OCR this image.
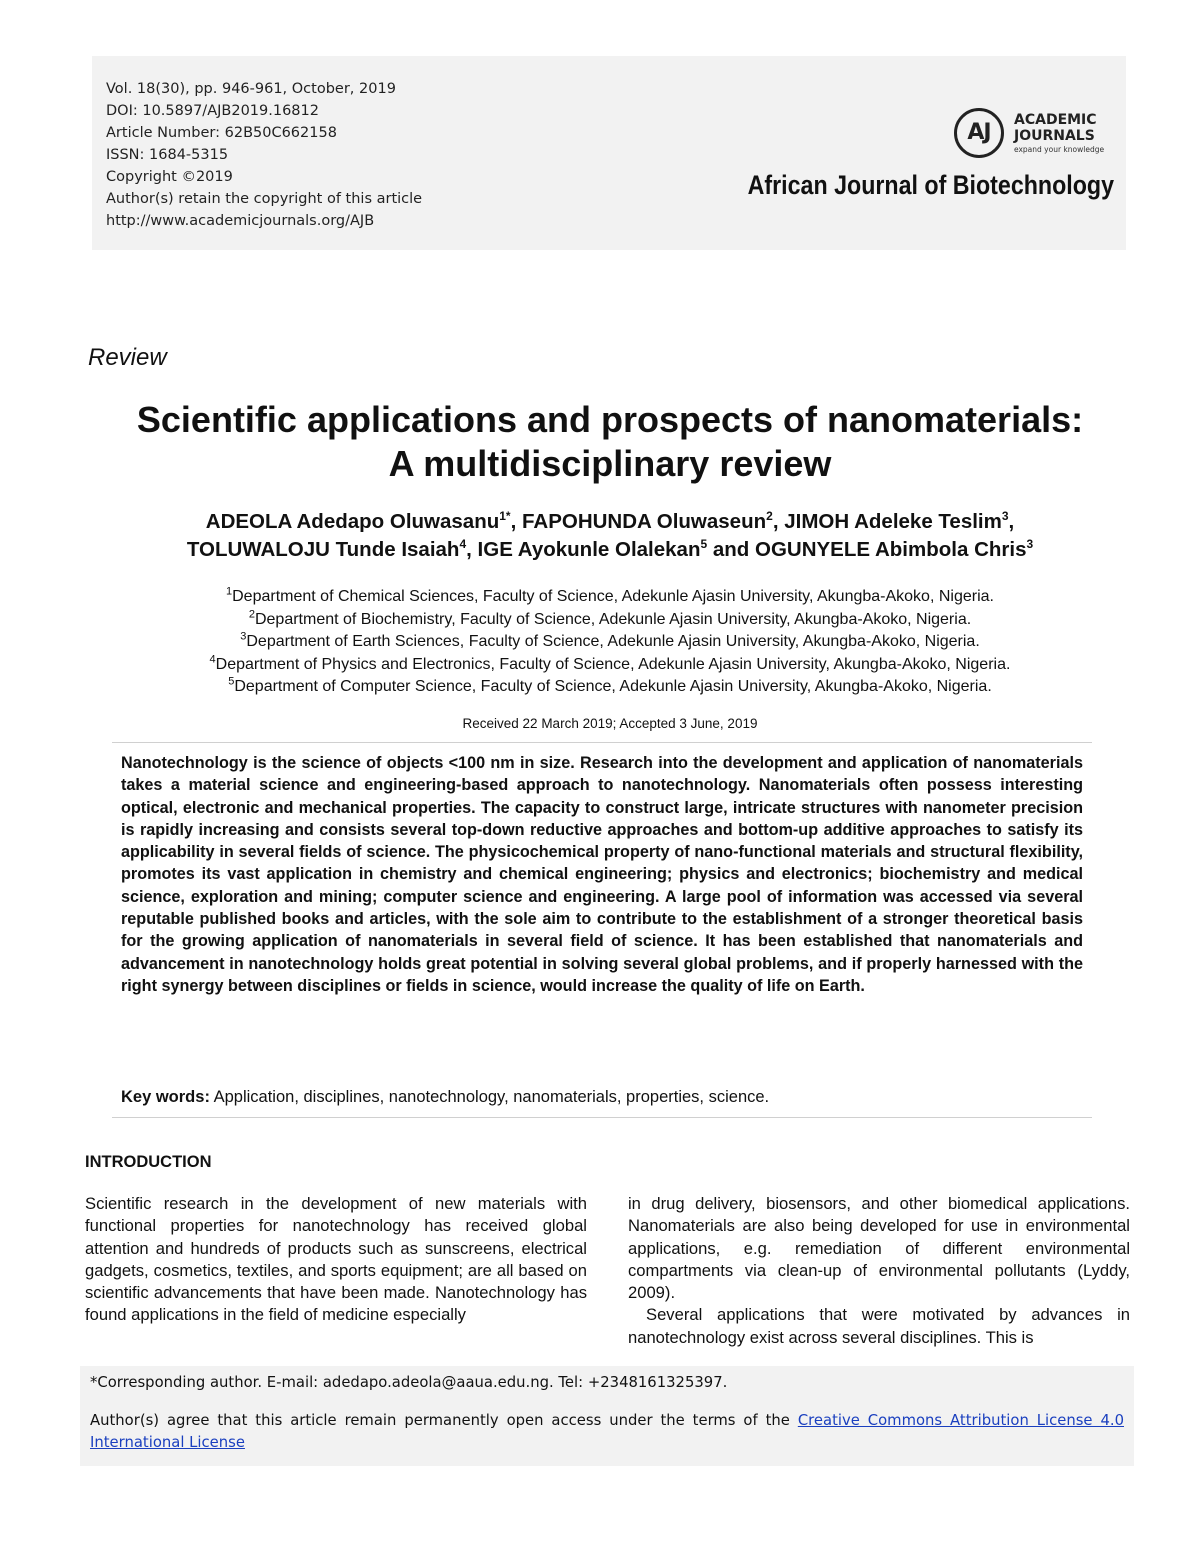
Vol. 18(30), pp. 946-961, October, 2019
DOI: 10.5897/AJB2019.16812
Article Number: 62B50C662158
ISSN: 1684-5315
Copyright ©2019
Author(s) retain the copyright of this article
http://www.academicjournals.org/AJB
AJ	ACADEMIC
JOURNALS
expand your knowledge
African Journal of Biotechnology
Review
Scientific applications and prospects of nanomaterials:
A multidisciplinary review
ADEOLA Adedapo Oluwasanu$^{1*}$, FAPOHUNDA Oluwaseun$^2$, JIMOH Adeleke Teslim$^3$,
TOLUWALOJU Tunde Isaiah$^4$, IGE Ayokunle Olalekan$^5$ and OGUNYELE Abimbola Chris$^3$
$^1$Department of Chemical Sciences, Faculty of Science, Adekunle Ajasin University, Akungba-Akoko, Nigeria.
$^2$Department of Biochemistry, Faculty of Science, Adekunle Ajasin University, Akungba-Akoko, Nigeria.
$^3$Department of Earth Sciences, Faculty of Science, Adekunle Ajasin University, Akungba-Akoko, Nigeria.
$^4$Department of Physics and Electronics, Faculty of Science, Adekunle Ajasin University, Akungba-Akoko, Nigeria.
$^5$Department of Computer Science, Faculty of Science, Adekunle Ajasin University, Akungba-Akoko, Nigeria.
Received 22 March 2019; Accepted 3 June, 2019

Nanotechnology is the science of objects <100 nm in size. Research into the development and application of nanomaterials takes a material science and engineering-based approach to nanotechnology. Nanomaterials often possess interesting optical, electronic and mechanical properties. The capacity to construct large, intricate structures with nanometer precision is rapidly increasing and consists several top-down reductive approaches and bottom-up additive approaches to satisfy its applicability in several fields of science. The physicochemical property of nano-functional materials and structural flexibility, promotes its vast application in chemistry and chemical engineering; physics and electronics; biochemistry and medical science, exploration and mining; computer science and engineering. A large pool of information was accessed via several reputable published books and articles, with the sole aim to contribute to the establishment of a stronger theoretical basis for the growing application of nanomaterials in several field of science. It has been established that nanomaterials and advancement in nanotechnology holds great potential in solving several global problems, and if properly harnessed with the right synergy between disciplines or fields in science, would increase the quality of life on Earth.

Key words: Application, disciplines, nanotechnology, nanomaterials, properties, science.
INTRODUCTION

Scientific research in the development of new materials with functional properties for nanotechnology has received global attention and hundreds of products such as sunscreens, electrical gadgets, cosmetics, textiles, and sports equipment; are all based on scientific advancements that have been made. Nanotechnology has found applications in the field of medicine especially

in drug delivery, biosensors, and other biomedical applications. Nanomaterials are also being developed for use in environmental applications, e.g. remediation of different environmental compartments via clean-up of environmental pollutants (Lyddy, 2009).

Several applications that were motivated by advances in nanotechnology exist across several disciplines. This is

*Corresponding author. E-mail: adedapo.adeola@aaua.edu.ng. Tel: +2348161325397.
Author(s) agree that this article remain permanently open access under the terms of the Creative Commons Attribution License 4.0 International License
